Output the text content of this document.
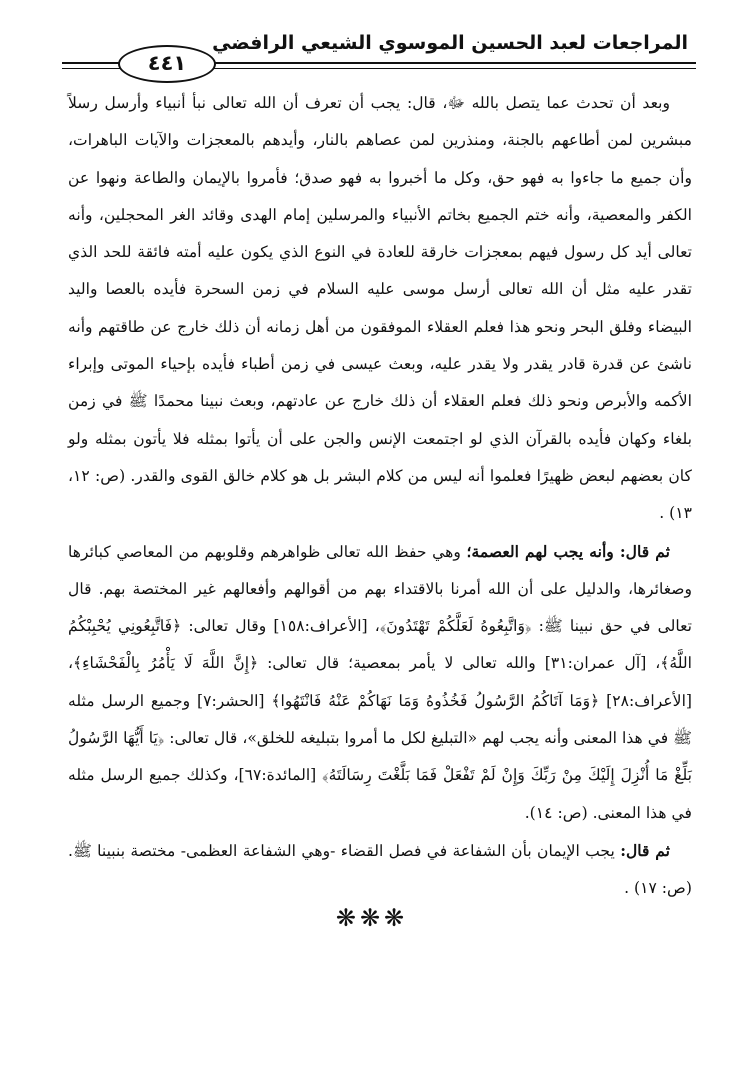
المراجعات لعبد الحسين الموسوي الشيعي الرافضي
٤٤١

وبعد أن تحدث عما يتصل بالله ﷻ، قال: يجب أن تعرف أن الله تعالى نبأ أنبياء وأرسل رسلاً مبشرين لمن أطاعهم بالجنة، ومنذرين لمن عصاهم بالنار، وأيدهم بالمعجزات والآيات الباهرات، وأن جميع ما جاءوا به فهو حق، وكل ما أخبروا به فهو صدق؛ فأمروا بالإيمان والطاعة ونهوا عن الكفر والمعصية، وأنه ختم الجميع بخاتم الأنبياء والمرسلين إمام الهدى وقائد الغر المحجلين، وأنه تعالى أيد كل رسول فيهم بمعجزات خارقة للعادة في النوع الذي يكون عليه أمته فائقة للحد الذي تقدر عليه مثل أن الله تعالى أرسل موسى عليه السلام في زمن السحرة فأيده بالعصا واليد البيضاء وفلق البحر ونحو هذا فعلم العقلاء الموفقون من أهل زمانه أن ذلك خارج عن طاقتهم وأنه ناشئ عن قدرة قادر يقدر ولا يقدر عليه، وبعث عيسى في زمن أطباء فأيده بإحياء الموتى وإبراء الأكمه والأبرص ونحو ذلك فعلم العقلاء أن ذلك خارج عن عادتهم، وبعث نبينا محمدًا ﷺ في زمن بلغاء وكهان فأيده بالقرآن الذي لو اجتمعت الإنس والجن على أن يأتوا بمثله فلا يأتون بمثله ولو كان بعضهم لبعض ظهيرًا فعلموا أنه ليس من كلام البشر بل هو كلام خالق القوى والقدر. (ص: ١٢، ١٣) .

ثم قال: وأنه يجب لهم العصمة؛ وهي حفظ الله تعالى ظواهرهم وقلوبهم من المعاصي كبائرها وصغائرها، والدليل على أن الله أمرنا بالاقتداء بهم من أقوالهم وأفعالهم غير المختصة بهم. قال تعالى في حق نبينا ﷺ: ﴿وَاتَّبِعُوهُ لَعَلَّكُمْ تَهْتَدُونَ﴾، [الأعراف:١٥٨] وقال تعالى: ﴿فَاتَّبِعُونِي يُحْبِبْكُمُ اللَّهُ﴾، [آل عمران:٣١] والله تعالى لا يأمر بمعصية؛ قال تعالى: ﴿إِنَّ اللَّهَ لَا يَأْمُرُ بِالْفَحْشَاءِ﴾، [الأعراف:٢٨] ﴿وَمَا آتَاكُمُ الرَّسُولُ فَخُذُوهُ وَمَا نَهَاكُمْ عَنْهُ فَانْتَهُوا﴾ [الحشر:٧] وجميع الرسل مثله ﷺ في هذا المعنى وأنه يجب لهم «التبليغ لكل ما أمروا بتبليغه للخلق»، قال تعالى: ﴿يَا أَيُّهَا الرَّسُولُ بَلِّغْ مَا أُنْزِلَ إِلَيْكَ مِنْ رَبِّكَ وَإِنْ لَمْ تَفْعَلْ فَمَا بَلَّغْتَ رِسَالَتَهُ﴾ [المائدة:٦٧]، وكذلك جميع الرسل مثله في هذا المعنى. (ص: ١٤).

ثم قال: يجب الإيمان بأن الشفاعة في فصل القضاء -وهي الشفاعة العظمى- مختصة بنبينا ﷺ. (ص: ١٧) .

❋❋❋
